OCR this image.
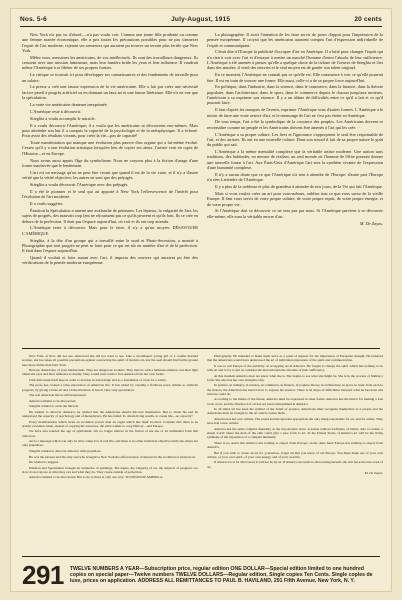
Nos. 5-6	July-August, 1915	20 cents

New York n'a pas vu d'abord,—n'a pas voulu voir. Comme une jeune fille prudente ou comme une femme mariée économique, elle a pris toutes les précautions possibles pour ne pas s'annexer l'esprit de l'art moderne, rejetant ses semences qui auraient pu trouver un terrain plus fertile que New York.

Mêlez vous, messieurs les américains, de vos intellectuels. Ils sont des travailleurs dangereux. Ils creusent avec une mission lumineuse, mais leur lumière brûle les yeux et leur influence. Il voudrait même l'Amérique à se libérer de ses propres formes.

La critique se trouvait ici pour développer ses connaissances et des fondements de travaille pour un salaire.

La presse a créé une fausse expression de la vie américaine. Elle a fait par créer une nécessité factice pareil à progrès artificiel ou en donnant un faux art et une fausse littérature. Elle n'a en vue que la spéculation.

La vraie vie américaine demeure inexprimée.

L'Amérique reste à découvrir.

Stieglitz a voulu accomplir le miracle.

Il a voulu découvrir l'Amérique; il a voulu que les américains se découvrent eux-mêmes. Mais pour atteindre son but il a compris la capacité de la psychologie et de la métaphysique. Il a échoué. Pour avoir des résultats vivants, pour créer la vie—pas de capacité!

Toute manifestation qui manque une évolution plus pauvre d'un organe qui a lui-même évolué. Cessez qu'il y a une évolution artistique lorsqu'en lieu de copier ses aïeux, l'artiste veut en copie de l'Histoire—et en Europe.

Nous avons aussi appris l'âge du symbolisme. Nous ne croyons plus à la fiction d'usage d'une forme inachevée que le lendemain.

L'art est un message qu'on ne peut être vivant que quand il est de la vie vraie, et il n'y a d'autre vérité que la vérité objective; les autres ne sont que des préjugés.

Stieglitz a voulu découvrir l'Amérique avec des préjugés.

Il a été le pionnier et le seul qui ait apporté à New York l'effervescence de l'intérêt pour l'évolution de l'art moderne.

Il a voulu suggérer.

Émotion la Spéculation a amené une avalanche de peintures. Les lépreux, la vulgarité de l'art, les sujets de progrès, des mauvais trop lent ne réjouissent pas ce qu'ils peuvent et qu'ils font. Ils se crée en dehors de la perfection. Il était pas l'espace aujourd'hui, où voit et ils ont trop attendu.

L'Amérique reste à découvrir. Mais pour le faire, il n'y a qu'un moyen: DÉSAVOUER L'AMÉRIQUE.

Stieglitz, à la tête d'un groupe qui a travaillé entre le nord et Photo-Secession, a montré à Photographie que tout progrès ne peut se faire pour ce qui est sûr en matière d'art et de la perfection. Il était dans l'espace aujourd'hui.

Quand il voulait et faire autant avec l'art, il importa des oeuvres qui auraient pu être des vérifications de la pensée moderne européenne.

La photographie. Il avait l'intention de les faire servir de poser d'appui pour l'impression de la pensée européenne. Il croyait que les américains auraient compris l'art d'expression individuelle de l'esprit et communiquant.

C'était dire à l'Europe la publicité d'occuper d'art en Amérique. Il a lutté pour changer l'esprit qui n'a rien à voir avec l'art et d'essayer à mettre un marché l'homme d'entre l'absolu de leur sufficience. L'Amérique a été amenée à penser qu'elle a quelque chose de la culture de l'oeuvre de Stieglitz et l'art dans des musées, il vend des oeuvres et le seul moyen est de garder son talent originel.

En ce moment, l'Amérique ne connaît pas ce qu'elle est. Elle commence à voir ce qu'elle pourrait être. Il est en train de trouver une forme. Elle aussi, celle-ci a de sa propre force aujourd'hui.

En politique, dans l'industrie, dans la science, dans le commerce, dans la finance, dans la théorie populaire, dans l'architecture, dans le sport, dans le commerce depuis le chacun jusqu'aux moteurs, l'américain a su exprimer son essence. Il y a un abîme de difficultés entre ce qu'il a fait et ce qu'il pourrait faire.

Il faut d'après les marques de l'avenir, exprimer l'Amérique sous d'autres formes. L'Amérique a le miroir de faire une vraie oeuvre d'art, et le mensonge de l'art ne s'est pas éteint en Amérique.

De tous temps, l'art a été la symbolique de la croyance des peuples. Les Américains doivent se reconnaître comme un peuple et les Américains doivent être amenés à l'art qui les crée.

L'Amérique a sa propre culture. Les fiers et l'ignorance s'approprient le seul être responsable de l'art, et des artistes. Ils ont eu une nouvelle culture. Dans son travail il fait de sa propre nature le goût du public qui sait.

L'Amérique a la même mentalité complexe que la véritable artiste moderne. Une nation sans traditions, des habitudes, en mesure de réaliser, un seul monde où l'homme de l'élite pourrait donner une nouvelle forme à l'art. Aux États-Unis d'Amérique l'art sera la synthèse vivante de l'expression d'une humanité complexe.

Il n'y a aucun doute que ce que l'Amérique n'a rien à attendre de l'Europe: d'autre part l'Europe n'a rien à attendre de l'Amérique.

Il y a plus de la noblesse et plus de grandeur à attendre de nos jours, de la Vie qui fait l'Amérique.

Mais si vous voulez créer un art pour vous-mêmes, oubliez tout ce que vous savez de la vieille Europe. Il faut vous servir de votre propre culture, de votre propre esprit, de votre propre énergie, et de votre propre vie.

Si l'Amérique doit se découvrir ce ne sera pas par nous. Si l'Amérique parvient à se découvrir elle-même, elle aura la véritable œuvre d'art.

M. De Zayas.

New York, at first, did not see. Afterward she did not want to see. Like a circumspect young girl or a careful married woman, she has taken all possible precautions against contracting the spirit of modern art, lest the seed should find fertile ground here more fertile than New York.

Beware, Americans, of your intellectuals. They are dangerous workers. They burrow with a luminous mission, but their light blinds the eyes and their influence is deadly. They would even wish to free America from her own forms.

Criticism found itself here in order to develop its knowledge and as a foundation of work for a salary.

The press has created a false expression of American life. It has ended by creating a fictitious need, similar to artificial progress, by giving a false art and a false literature. It has in view only speculation.

The real American life is still inexpressed.

America remains to be discovered.

Stieglitz wished to work the miracle.

He wished to discover America; he wished that the Americans should discover themselves. But to attain his end he understood the capacity of psychology and of metaphysics. He has failed. To obtain living results, to create life—no capacity!

Every manifestation which lacks an evolution poorer than an organ which has itself evolved. Consider that there is an artistic evolution when, instead of copying his ancestors, the artist wishes to copy History—and Europe.

We have also learned the age of symbolism. We no longer believe in the fiction of the use of an unfinished form that tomorrow.

Art is a message which can only be alive when it is of real life, and there is no other truth than objective truth; the others are only prejudices.

Stieglitz wished to discover America with prejudices.

He was the pioneer and the only one who brought to New York the effervescence of interest in the evolution of modern art.

He wished to suggest.

Emotion and Speculation brought an avalanche of paintings. The lepers, the vulgarity of art, the subjects of progress, too slow do not rejoice at what they can and what they do. They create outside of perfection.

America remains to be discovered. But to do so there is only one way: TO DISAVOW AMERICA.

Photography. He intended to make them serve as a point of support for the impression of European thought. He believed that the Americans would have understood the art of individual expression of the spirit and communication.

It was to tell Europe of the publicity of occupying art in America. He fought to change the spirit which has nothing to do with art and to try to put on a market the man between the absolute of their sufficiency.

At this moment America does not know what she is. She begins to see what she might be. She is in the process of finding a form. She also has her own strength today.

In politics, in industry, in science, in commerce, in finance, in popular theory, in architecture, in sport, in trade from each to the motors, the American has known how to express his essence. There is an abyss of difficulties between what he has done and what he could do.

According to the marks of the future, America must be expressed in other forms. America has the mirror for making a true work of art, and the falsehood of art has not been extinguished in America.

In all times art has been the symbol of the belief of peoples. Americans must recognize themselves as a people and the Americans must be brought to the art which creates them.

America has her own culture. The proud and the ignorant appropriate the only being responsible for art, and for artists. They have had a new culture.

America has the same complex mentality as the true modern artist. A nation without traditions, of habits, able to realize, a single world where the man of the elite could give a new form to art. In the United States of America art will be the living synthesis of the expression of a complex humanity.

There is no doubt that America has nothing to expect from Europe; on the other hand Europe has nothing to expect from America.

But if you wish to create an art for yourselves, forget all that you know of old Europe. You must make use of your own culture, of your own spirit, of your own energy, and of your own life.

If America is to be discovered it will not be by us. If America succeeds in discovering herself, she will have the true work of art.

M. De Zayas.
291 TWELVE NUMBERS A YEAR—Subscription price, regular edition ONE DOLLAR—Special edition limited to one hundred copies on special paper—Twelve numbers TWELVE DOLLARS—Regular edition, Single copies Ten Cents. Single copies de luxe, prices on application. ADDRESS ALL REMITTANCES TO PAUL B. HAVILAND, 291 Fifth Avenue, New York, N. Y.
